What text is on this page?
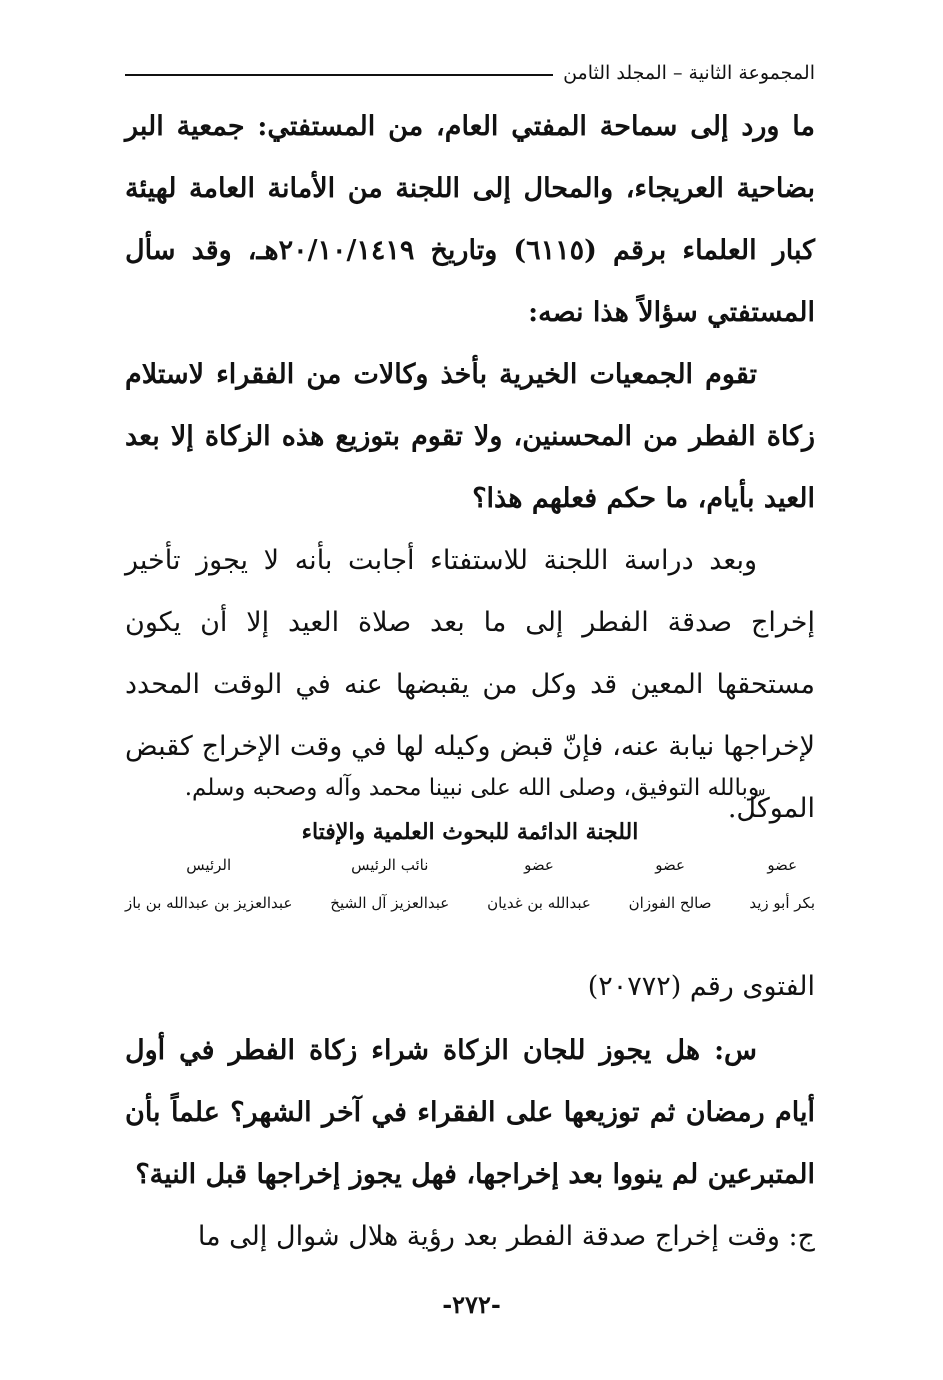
المجموعة الثانية – المجلد الثامن

ما ورد إلى سماحة المفتي العام، من المستفتي: جمعية البر بضاحية العريجاء، والمحال إلى اللجنة من الأمانة العامة لهيئة كبار العلماء برقم (٦١١٥) وتاريخ ٢٠/١٠/١٤١٩هـ، وقد سأل المستفتي سؤالاً هذا نصه:

تقوم الجمعيات الخيرية بأخذ وكالات من الفقراء لاستلام زكاة الفطر من المحسنين، ولا تقوم بتوزيع هذه الزكاة إلا بعد العيد بأيام، ما حكم فعلهم هذا؟

وبعد دراسة اللجنة للاستفتاء أجابت بأنه لا يجوز تأخير إخراج صدقة الفطر إلى ما بعد صلاة العيد إلا أن يكون مستحقها المعين قد وكل من يقبضها عنه في الوقت المحدد لإخراجها نيابة عنه، فإنّ قبض وكيله لها في وقت الإخراج كقبض الموكّل.

وبالله التوفيق، وصلى الله على نبينا محمد وآله وصحبه وسلم.
اللجنة الدائمة للبحوث العلمية والإفتاء
عضو
بكر أبو زيد
عضو
صالح الفوزان
عضو
عبدالله بن غديان
نائب الرئيس
عبدالعزيز آل الشيخ
الرئيس
عبدالعزيز بن عبدالله بن باز
الفتوى رقم (٢٠٧٧٢)

س: هل يجوز للجان الزكاة شراء زكاة الفطر في أول أيام رمضان ثم توزيعها على الفقراء في آخر الشهر؟ علماً بأن المتبرعين لم ينووا بعد إخراجها، فهل يجوز إخراجها قبل النية؟

ج: وقت إخراج صدقة الفطر بعد رؤية هلال شوال إلى ما

-٢٧٢-
